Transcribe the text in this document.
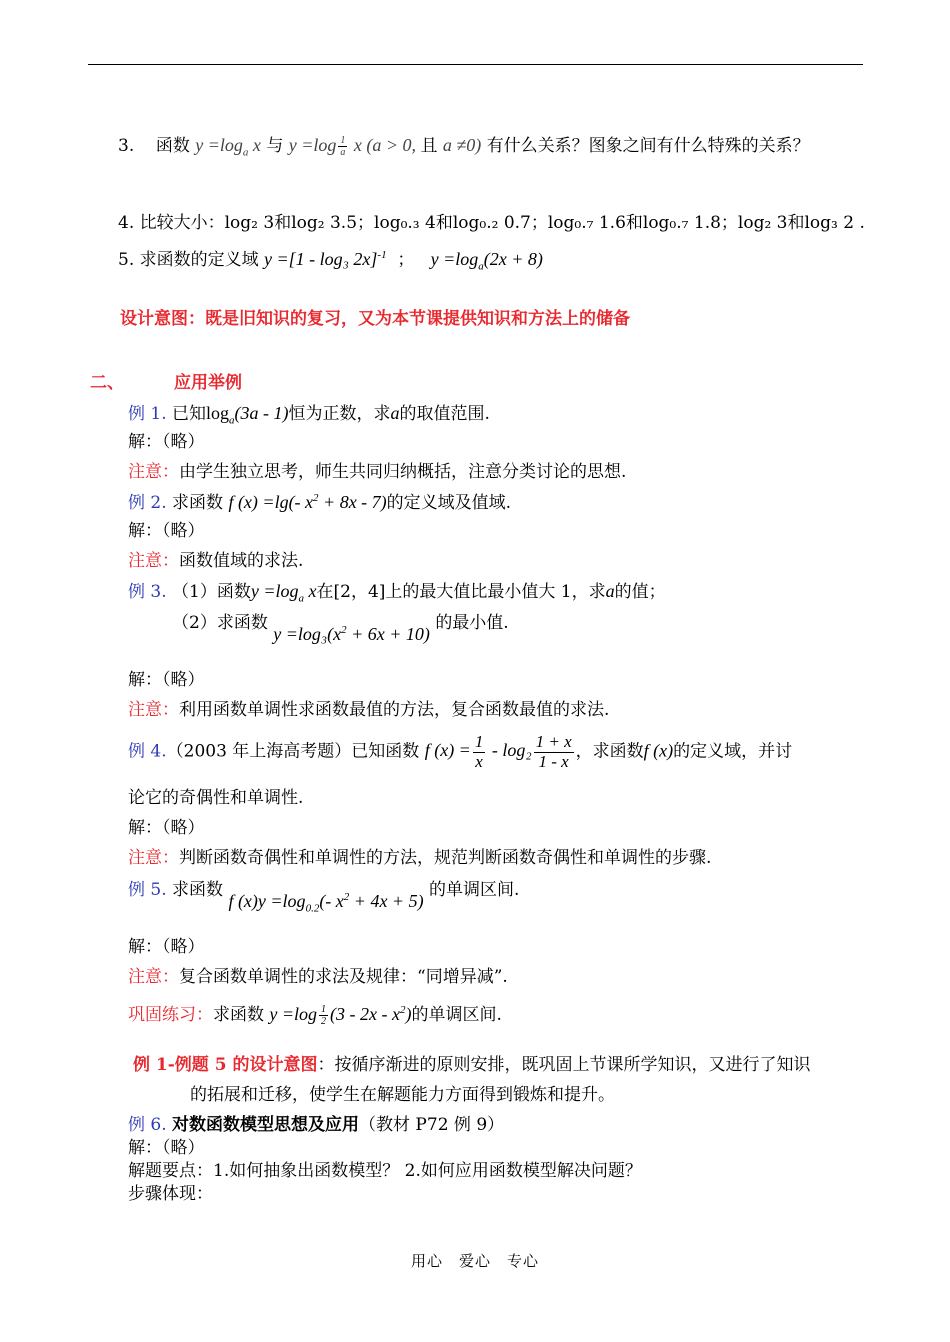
3. 函数 $y =\log_a$ x 与 $y =\log \frac{1}{a}$ x (a > 0, 且 a ≠0) 有什么关系？图象之间有什么特殊的关系？
4. 比较大小：log₂ 3和log₂ 3.5；log₀.₃ 4和log₀.₂ 0.7；log₀.₇ 1.6和log₀.₇ 1.8；log₂ 3和log₃ 2 .
5. 求函数的定义域 y =[1 - log₃ 2x]$^{-1}$ ； $y =\log_a(2x + 8)$
设计意图：既是旧知识的复习，又为本节课提供知识和方法上的储备
二、	应用举例
例 1. 已知$\log_a(3a - 1)$恒为正数，求a的取值范围.
解：（略）
注意：由学生独立思考，师生共同归纳概括，注意分类讨论的思想.
例 2. 求函数 f (x) =lg(- $x^2 + 8x - 7$)的定义域及值域.
解：（略）
注意：函数值域的求法.
例 3. （1）函数$y =\log_a$ x在[2，4]上的最大值比最小值大 1，求a的值；
（2）求函数 $y =\log_3(x^2 + 6x + 10)$ 的最小值.
解：（略）
注意：利用函数单调性求函数最值的方法，复合函数最值的求法.
例 4.（2003 年上海高考题）已知函数 f $(x) = \frac{1}{x} - \log_2 \frac{1 + x}{1 - x}$ ，求函数f (x)的定义域，并讨
论它的奇偶性和单调性.
解：（略）
注意：判断函数奇偶性和单调性的方法，规范判断函数奇偶性和单调性的步骤.
例 5. 求函数 f $(x)y =\log_{0.2}(-$ $x^2 + 4x + 5$) 的单调区间.
解：（略）
注意：复合函数单调性的求法及规律：“同增异减”.
巩固练习：求函数 $y =\log \frac{1}{2} (3 - 2x - x^2)$的单调区间.
例 1-例题 5 的设计意图：按循序渐进的原则安排，既巩固上节课所学知识，又进行了知识
的拓展和迁移，使学生在解题能力方面得到锻炼和提升。
例 6. 对数函数模型思想及应用（教材 P72 例 9）
解：（略）
解题要点：1.如何抽象出函数模型？ 2.如何应用函数模型解决问题？
步骤体现：
用心　爱心　专心
